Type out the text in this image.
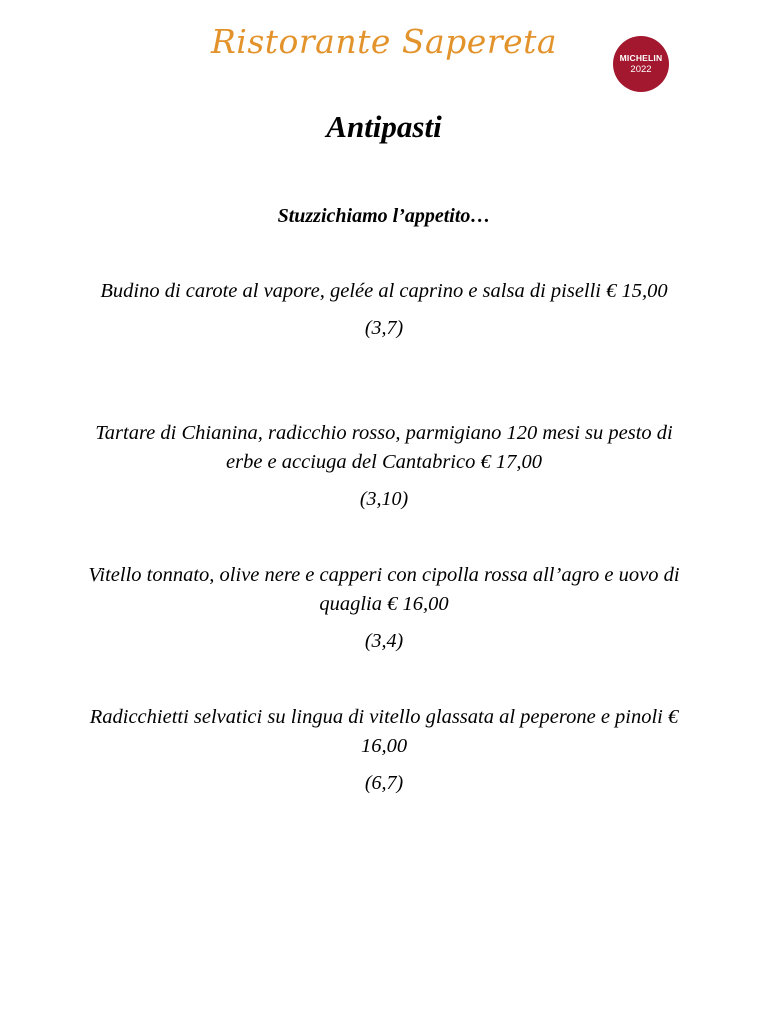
Ristorante Sapereta	MICHELIN
2022
Antipasti
Stuzzichiamo l’appetito…
Budino di carote al vapore, gelée al caprino e salsa di piselli € 15,00
(3,7)
Tartare di Chianina, radicchio rosso, parmigiano 120 mesi su pesto di erbe e acciuga del Cantabrico € 17,00
(3,10)
Vitello tonnato, olive nere e capperi con cipolla rossa all’agro e uovo di quaglia € 16,00
(3,4)
Radicchietti selvatici su lingua di vitello glassata al peperone e pinoli € 16,00
(6,7)
